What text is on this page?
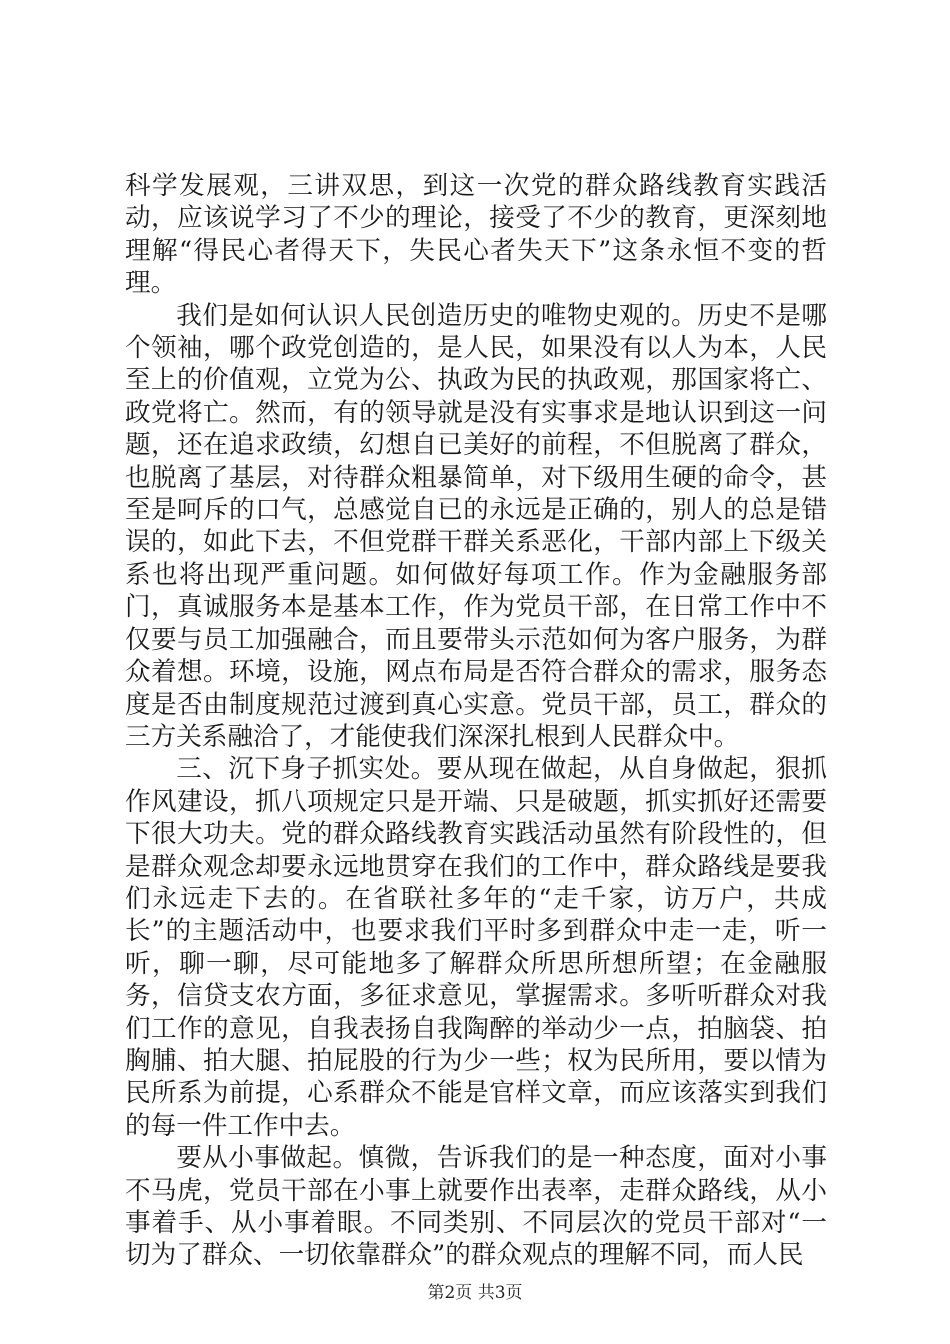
科学发展观，三讲双思，到这一次党的群众路线教育实践活动，应该说学习了不少的理论，接受了不少的教育，更深刻地理解“得民心者得天下，失民心者失天下”这条永恒不变的哲理。

我们是如何认识人民创造历史的唯物史观的。历史不是哪个领袖，哪个政党创造的，是人民，如果没有以人为本，人民至上的价值观，立党为公、执政为民的执政观，那国家将亡、政党将亡。然而，有的领导就是没有实事求是地认识到这一问题，还在追求政绩，幻想自已美好的前程，不但脱离了群众，也脱离了基层，对待群众粗暴简单，对下级用生硬的命令，甚至是呵斥的口气，总感觉自已的永远是正确的，别人的总是错误的，如此下去，不但党群干群关系恶化，干部内部上下级关系也将出现严重问题。如何做好每项工作。作为金融服务部门，真诚服务本是基本工作，作为党员干部，在日常工作中不仅要与员工加强融合，而且要带头示范如何为客户服务，为群众着想。环境，设施，网点布局是否符合群众的需求，服务态度是否由制度规范过渡到真心实意。党员干部，员工，群众的三方关系融洽了，才能使我们深深扎根到人民群众中。

三、沉下身子抓实处。要从现在做起，从自身做起，狠抓作风建设，抓八项规定只是开端、只是破题，抓实抓好还需要下很大功夫。党的群众路线教育实践活动虽然有阶段性的，但是群众观念却要永远地贯穿在我们的工作中，群众路线是要我们永远走下去的。在省联社多年的“走千家，访万户，共成长”的主题活动中，也要求我们平时多到群众中走一走，听一听，聊一聊，尽可能地多了解群众所思所想所望；在金融服务，信贷支农方面，多征求意见，掌握需求。多听听群众对我们工作的意见，自我表扬自我陶醉的举动少一点，拍脑袋、拍胸脯、拍大腿、拍屁股的行为少一些；权为民所用，要以情为民所系为前提，心系群众不能是官样文章，而应该落实到我们的每一件工作中去。

要从小事做起。慎微，告诉我们的是一种态度，面对小事不马虎，党员干部在小事上就要作出表率，走群众路线，从小事着手、从小事着眼。不同类别、不同层次的党员干部对“一切为了群众、一切依靠群众”的群众观点的理解不同，而人民

第2页 共3页
